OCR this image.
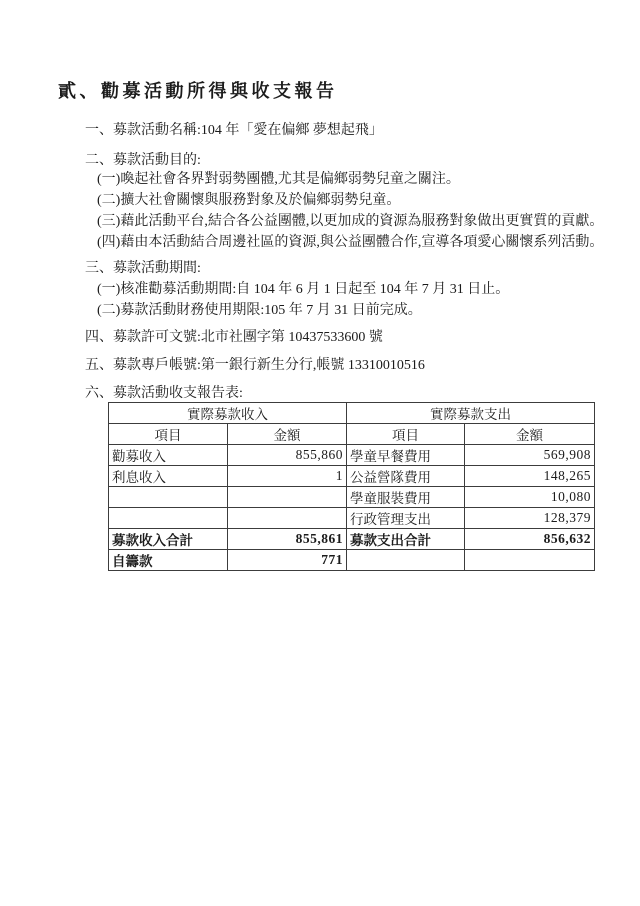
貳、勸募活動所得與收支報告

一、募款活動名稱:104 年「愛在偏鄉 夢想起飛」

二、募款活動目的:

(一)喚起社會各界對弱勢團體,尤其是偏鄉弱勢兒童之關注。

(二)擴大社會關懷與服務對象及於偏鄉弱勢兒童。

(三)藉此活動平台,結合各公益團體,以更加成的資源為服務對象做出更實質的貢獻。

(四)藉由本活動結合周邊社區的資源,與公益團體合作,宣導各項愛心關懷系列活動。

三、募款活動期間:

(一)核准勸募活動期間:自 104 年 6 月 1 日起至 104 年 7 月 31 日止。

(二)募款活動財務使用期限:105 年 7 月 31 日前完成。

四、募款許可文號:北市社團字第 10437533600 號

五、募款專戶帳號:第一銀行新生分行,帳號 13310010516

六、募款活動收支報告表:

實際募款收入		實際募款支出	
項目	金額	項目	金額
勸募收入	855,860	學童早餐費用	569,908
利息收入	1	公益營隊費用	148,265
		學童服裝費用	10,080
		行政管理支出	128,379
募款收入合計	855,861	募款支出合計	856,632
自籌款	771		
